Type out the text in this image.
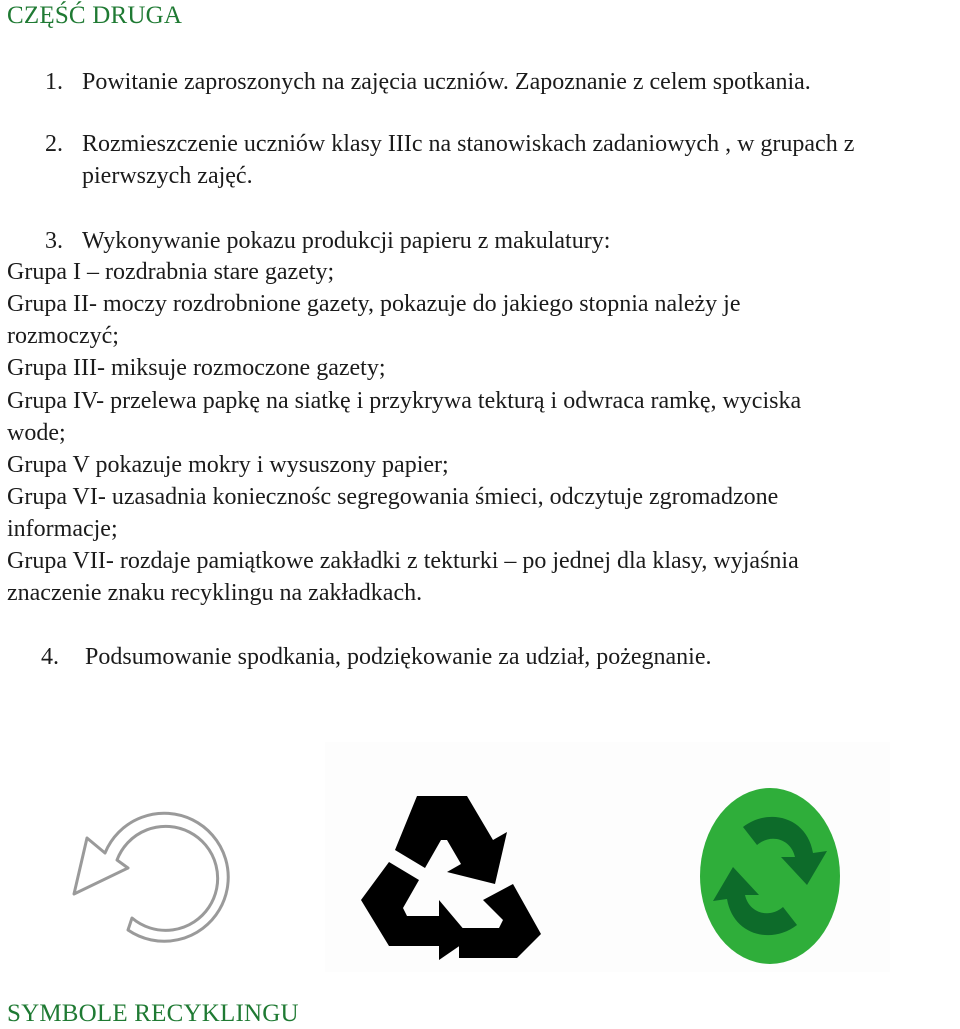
CZĘŚĆ DRUGA
1. Powitanie zaproszonych na zajęcia uczniów. Zapoznanie z celem spotkania.
2. Rozmieszczenie uczniów klasy IIIc na stanowiskach zadaniowych , w grupach z
pierwszych zajęć.
3. Wykonywanie pokazu produkcji papieru z makulatury:
Grupa I – rozdrabnia stare gazety;
Grupa II- moczy rozdrobnione gazety, pokazuje do jakiego stopnia należy je
rozmoczyć;
Grupa III- miksuje rozmoczone gazety;
Grupa IV- przelewa papkę na siatkę i przykrywa tekturą i odwraca ramkę, wyciska
wode;
Grupa V pokazuje mokry i wysuszony papier;
Grupa VI- uzasadnia koniecznośc segregowania śmieci, odczytuje zgromadzone
informacje;
Grupa VII- rozdaje pamiątkowe zakładki z tekturki – po jednej dla klasy, wyjaśnia
znaczenie znaku recyklingu na zakładkach.
4. Podsumowanie spodkania, podziękowanie za udział, pożegnanie.
SYMBOLE RECYKLINGU
